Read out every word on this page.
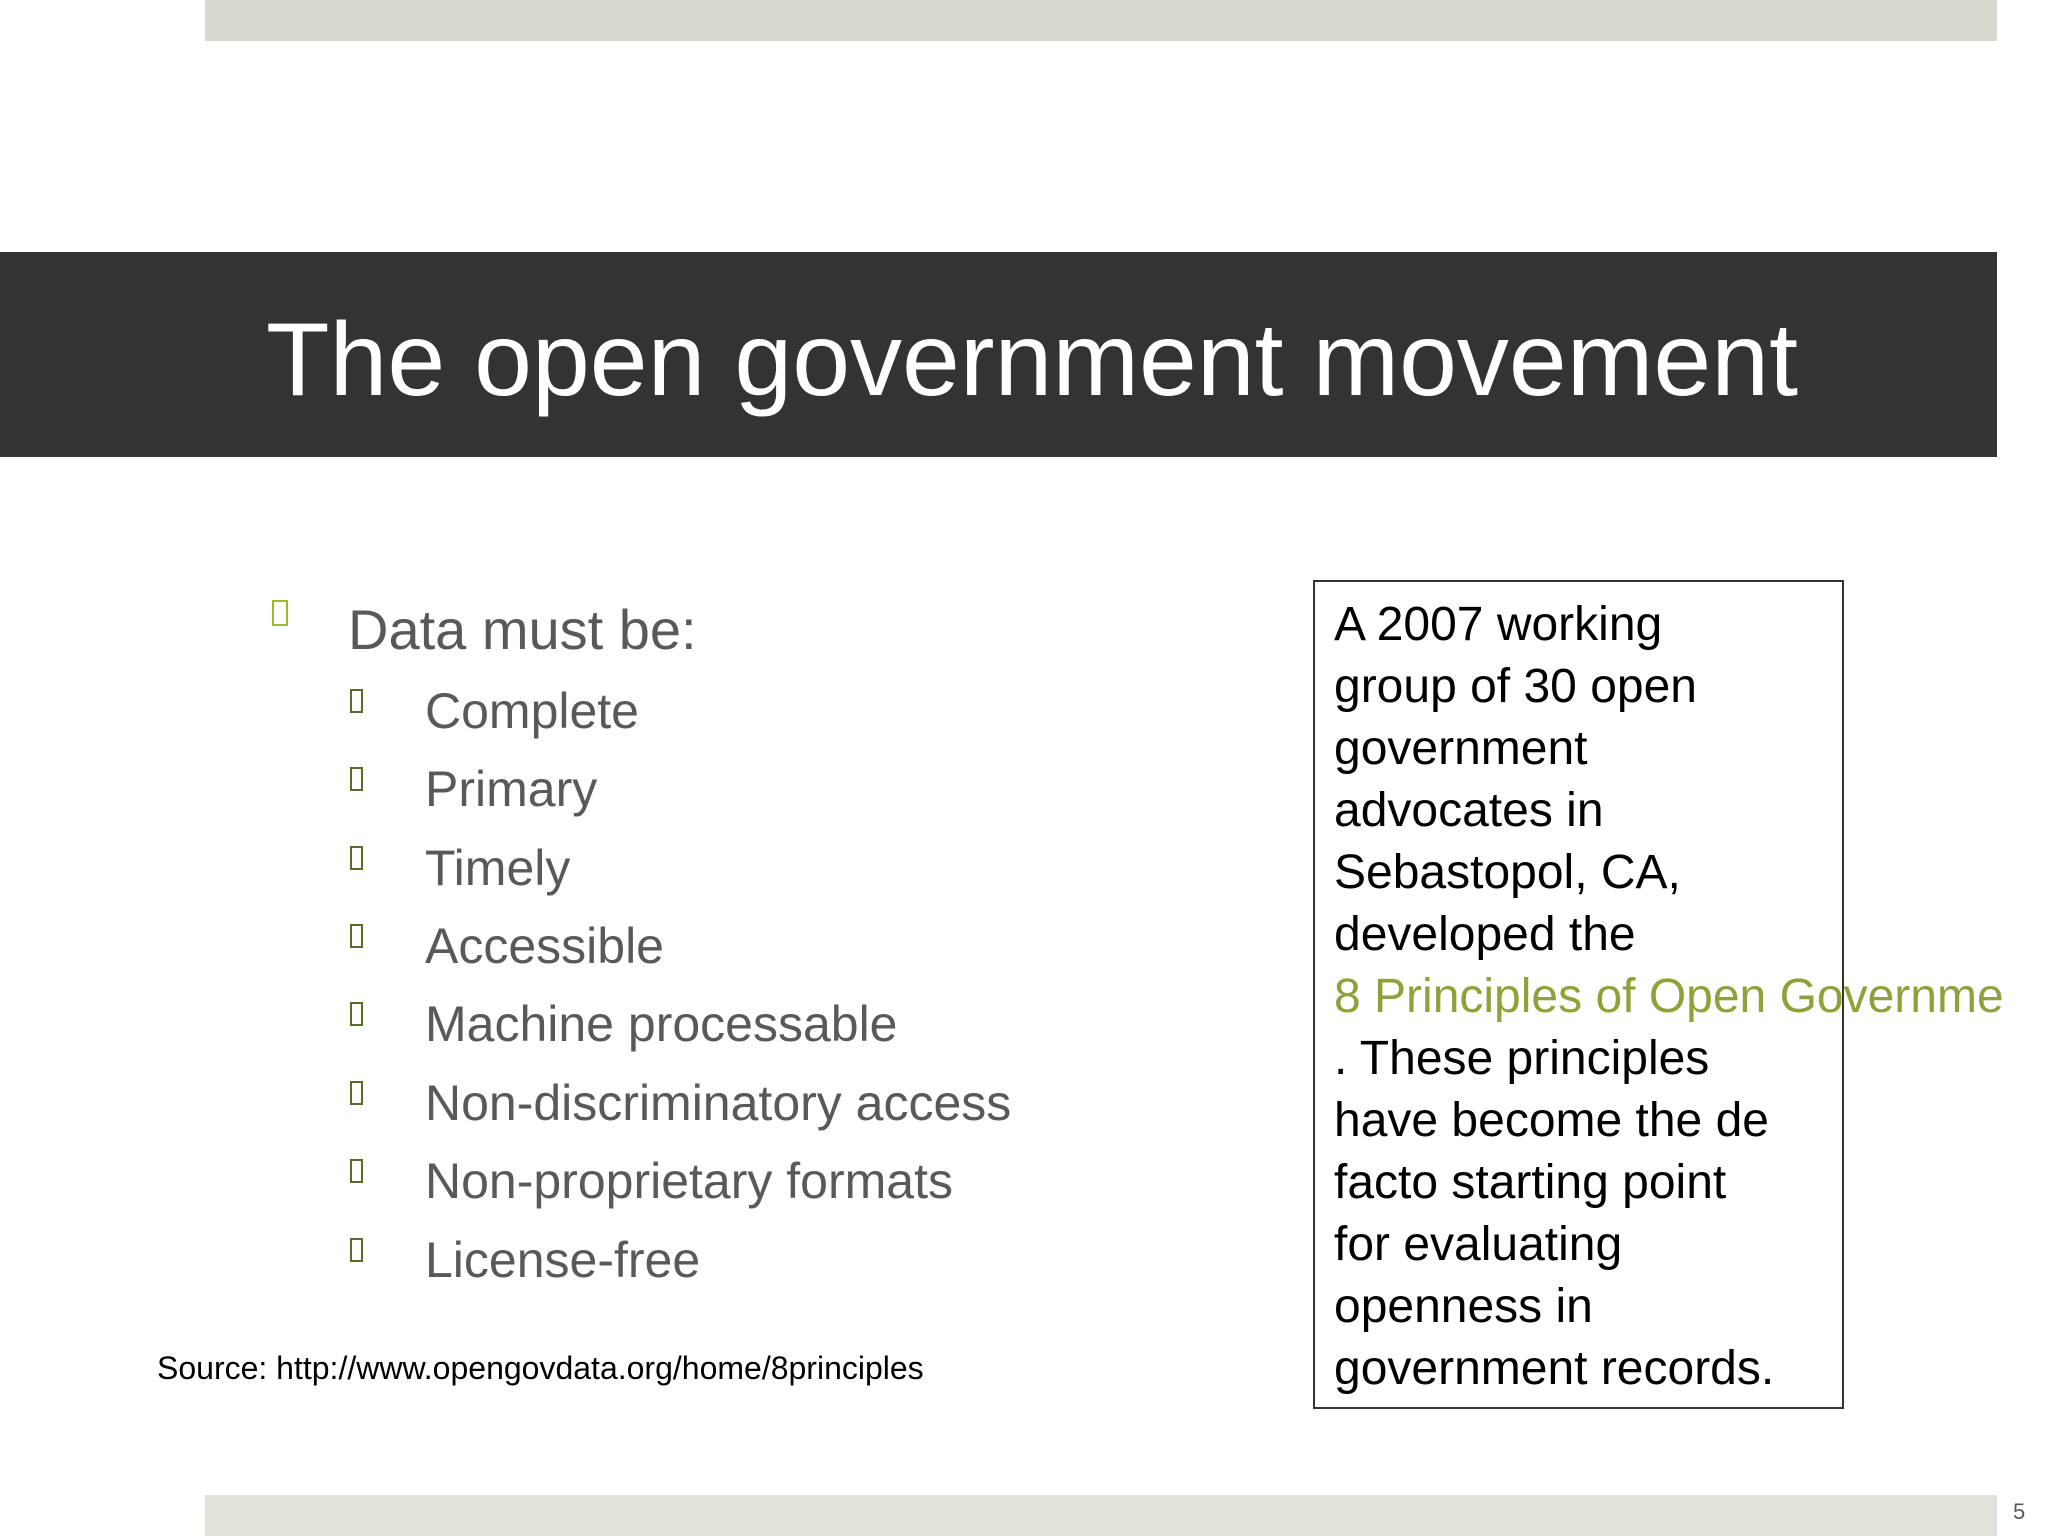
The open government movement
Data must be:
Complete
Primary
Timely
Accessible
Machine processable
Non-discriminatory access
Non-proprietary formats
License-free
Source: http://www.opengovdata.org/home/8principles
A 2007 working
group of 30 open
government
advocates in
Sebastopol, CA,
developed the
8 Principles of Open Governme
. These principles
have become the de
facto starting point
for evaluating
openness in
government records.
5
